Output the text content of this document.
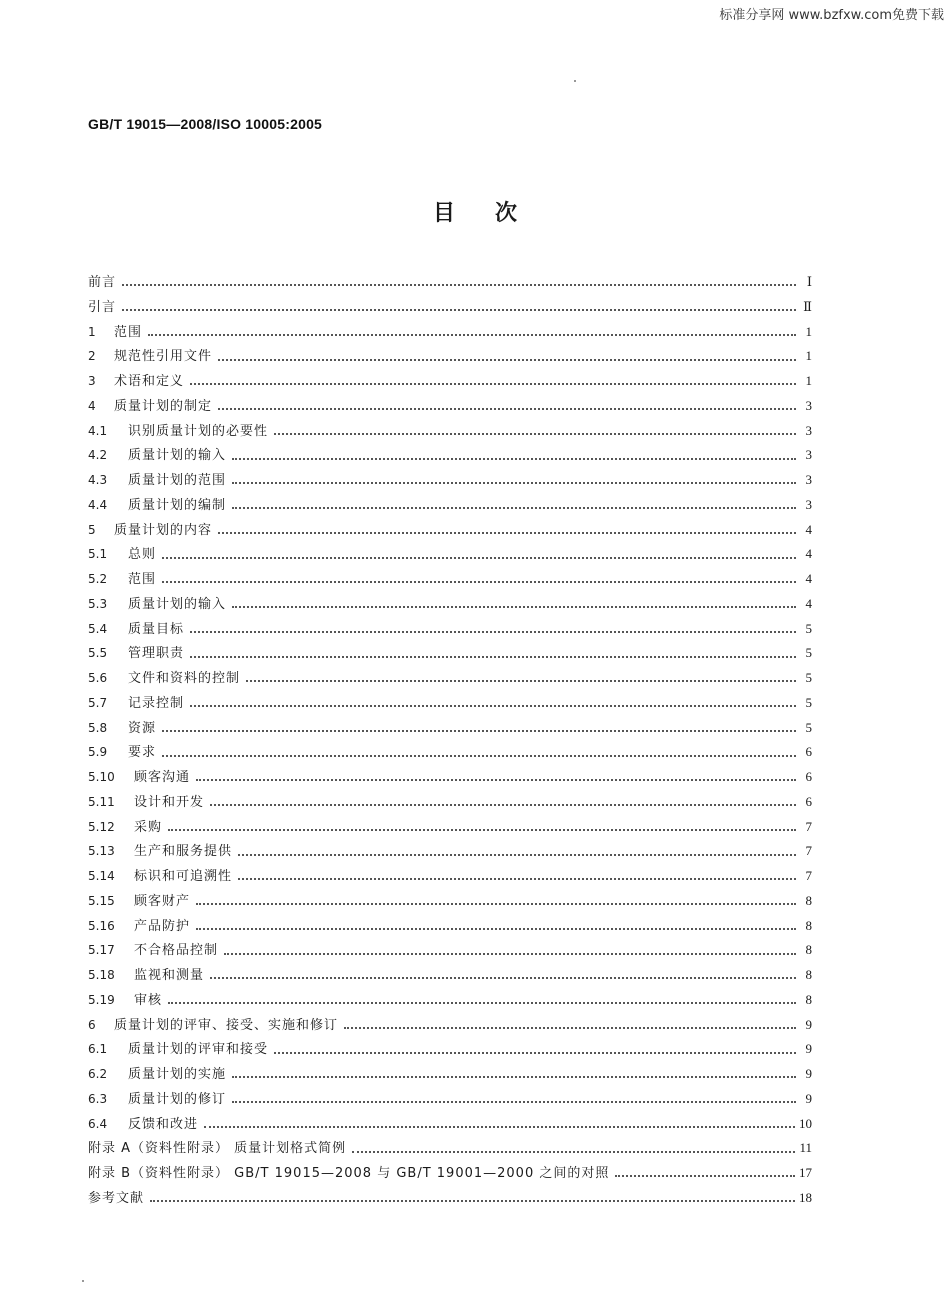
标准分享网 www.bzfxw.com免费下载
GB/T 19015—2008/ISO 10005:2005
目次
前言	Ⅰ
引言	Ⅱ
1	范围	1
2	规范性引用文件	1
3	术语和定义	1
4	质量计划的制定	3
4.1	识别质量计划的必要性	3
4.2	质量计划的输入	3
4.3	质量计划的范围	3
4.4	质量计划的编制	3
5	质量计划的内容	4
5.1	总则	4
5.2	范围	4
5.3	质量计划的输入	4
5.4	质量目标	5
5.5	管理职责	5
5.6	文件和资料的控制	5
5.7	记录控制	5
5.8	资源	5
5.9	要求	6
5.10	顾客沟通	6
5.11	设计和开发	6
5.12	采购	7
5.13	生产和服务提供	7
5.14	标识和可追溯性	7
5.15	顾客财产	8
5.16	产品防护	8
5.17	不合格品控制	8
5.18	监视和测量	8
5.19	审核	8
6	质量计划的评审、接受、实施和修订	9
6.1	质量计划的评审和接受	9
6.2	质量计划的实施	9
6.3	质量计划的修订	9
6.4	反馈和改进	10
附录 A（资料性附录） 质量计划格式简例	11
附录 B（资料性附录） GB/T 19015—2008 与 GB/T 19001—2000 之间的对照	17
参考文献	18
